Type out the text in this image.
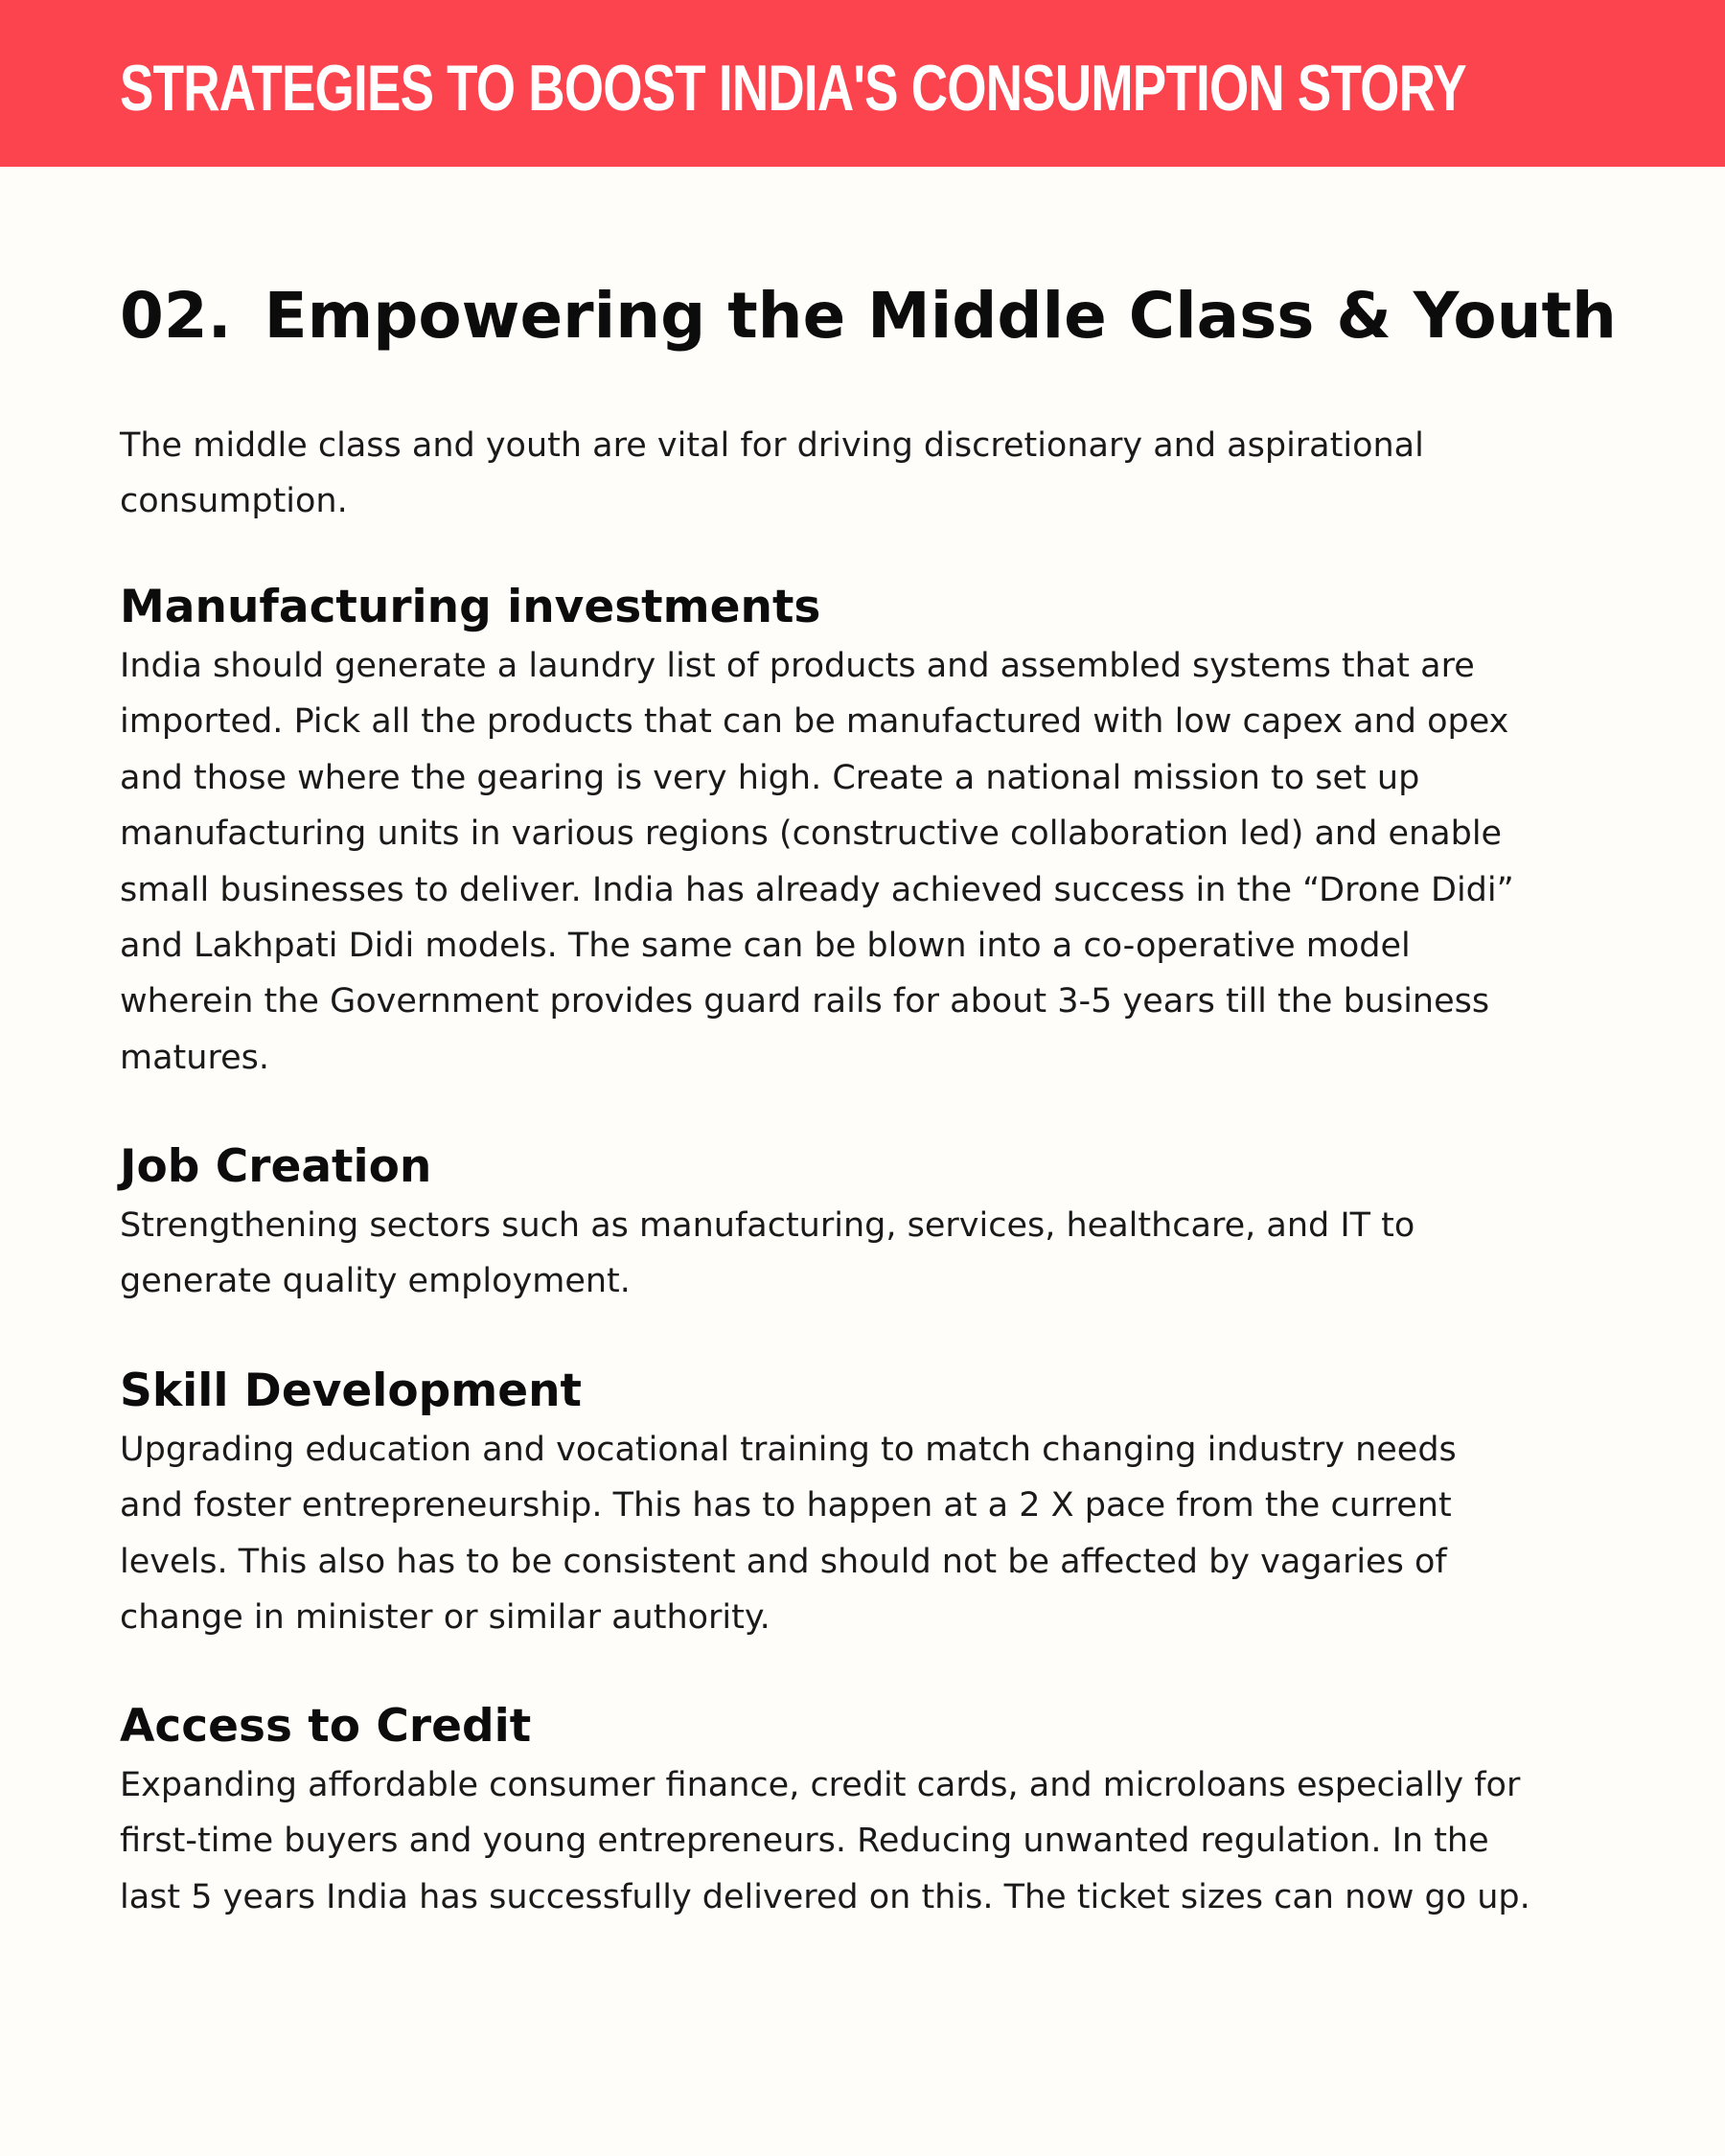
STRATEGIES TO BOOST INDIA'S CONSUMPTION STORY
02. Empowering the Middle Class & Youth

The middle class and youth are vital for driving discretionary and aspirational
consumption.

Manufacturing investments

India should generate a laundry list of products and assembled systems that are
imported. Pick all the products that can be manufactured with low capex and opex
and those where the gearing is very high. Create a national mission to set up
manufacturing units in various regions (constructive collaboration led) and enable
small businesses to deliver. India has already achieved success in the “Drone Didi”
and Lakhpati Didi models. The same can be blown into a co-operative model
wherein the Government provides guard rails for about 3-5 years till the business
matures.

Job Creation

Strengthening sectors such as manufacturing, services, healthcare, and IT to
generate quality employment.

Skill Development

Upgrading education and vocational training to match changing industry needs
and foster entrepreneurship. This has to happen at a 2 X pace from the current
levels. This also has to be consistent and should not be affected by vagaries of
change in minister or similar authority.

Access to Credit

Expanding affordable consumer finance, credit cards, and microloans especially for
first-time buyers and young entrepreneurs. Reducing unwanted regulation. In the
last 5 years India has successfully delivered on this. The ticket sizes can now go up.
